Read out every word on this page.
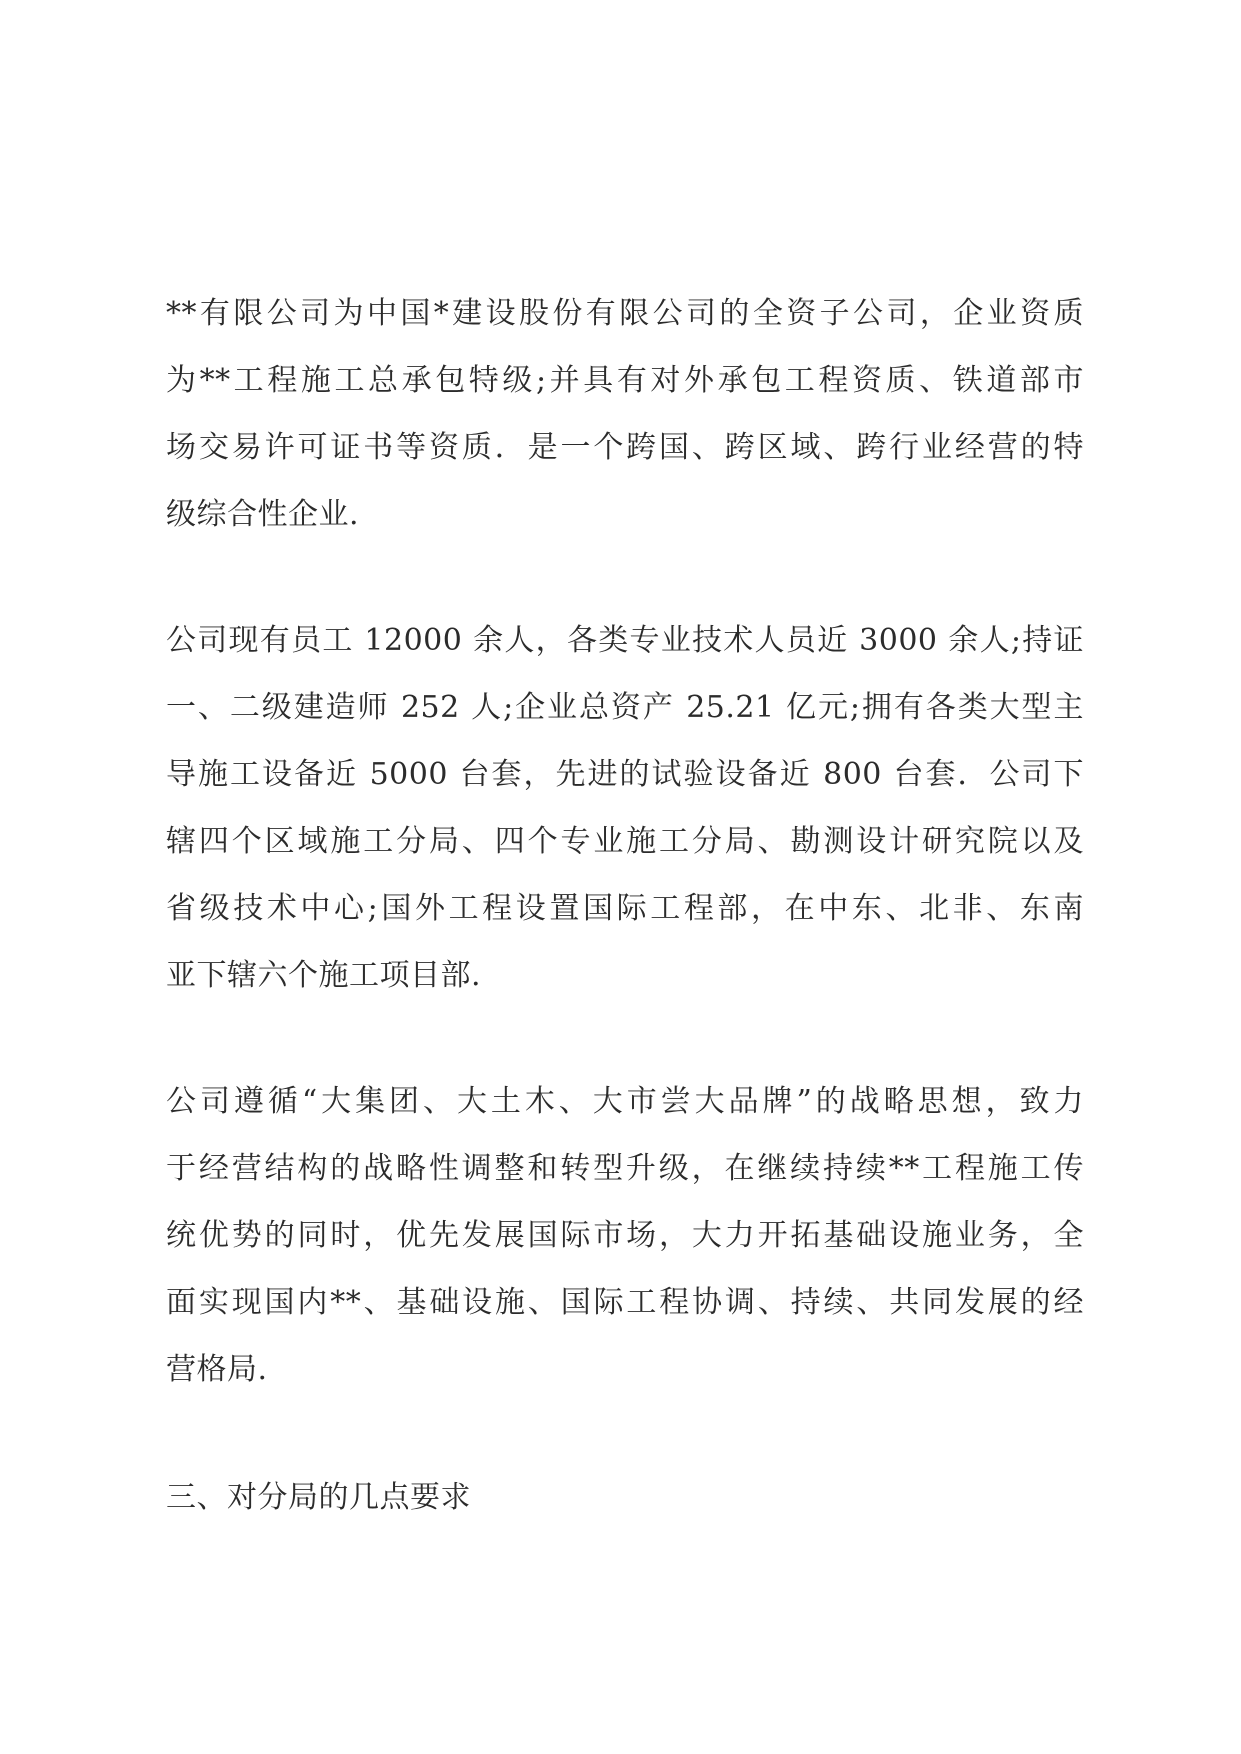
**有限公司为中国*建设股份有限公司的全资子公司，企业资质
为**工程施工总承包特级;并具有对外承包工程资质、铁道部市
场交易许可证书等资质．是一个跨国、跨区域、跨行业经营的特
级综合性企业.
公司现有员工 12000 余人，各类专业技术人员近 3000 余人;持证
一、二级建造师 252 人;企业总资产 25.21 亿元;拥有各类大型主
导施工设备近 5000 台套，先进的试验设备近 800 台套．公司下
辖四个区域施工分局、四个专业施工分局、勘测设计研究院以及
省级技术中心;国外工程设置国际工程部，在中东、北非、东南
亚下辖六个施工项目部.
公司遵循“大集团、大土木、大市尝大品牌”的战略思想，致力
于经营结构的战略性调整和转型升级，在继续持续**工程施工传
统优势的同时，优先发展国际市场，大力开拓基础设施业务，全
面实现国内**、基础设施、国际工程协调、持续、共同发展的经
营格局.
三、对分局的几点要求
